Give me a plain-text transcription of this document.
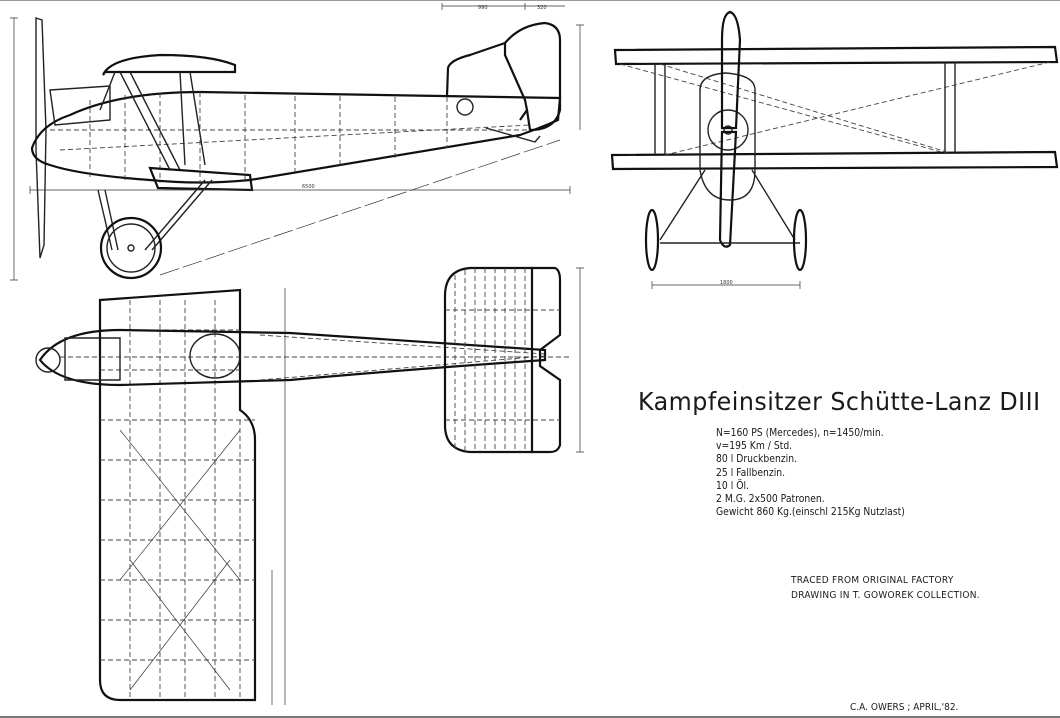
6500
990	320
1800
Kampfeinsitzer Schütte-Lanz DIII
N=160 PS (Mercedes), n=1450/min.
v=195 Km / Std.
80 l Druckbenzin.
25 l Fallbenzin.
10 l Öl.
2 M.G. 2x500 Patronen.
Gewicht 860 Kg.(einschl 215Kg Nutzlast)
TRACED FROM ORIGINAL FACTORY
DRAWING IN T. GOWOREK COLLECTION.
C.A. OWERS ; APRIL,'82.
